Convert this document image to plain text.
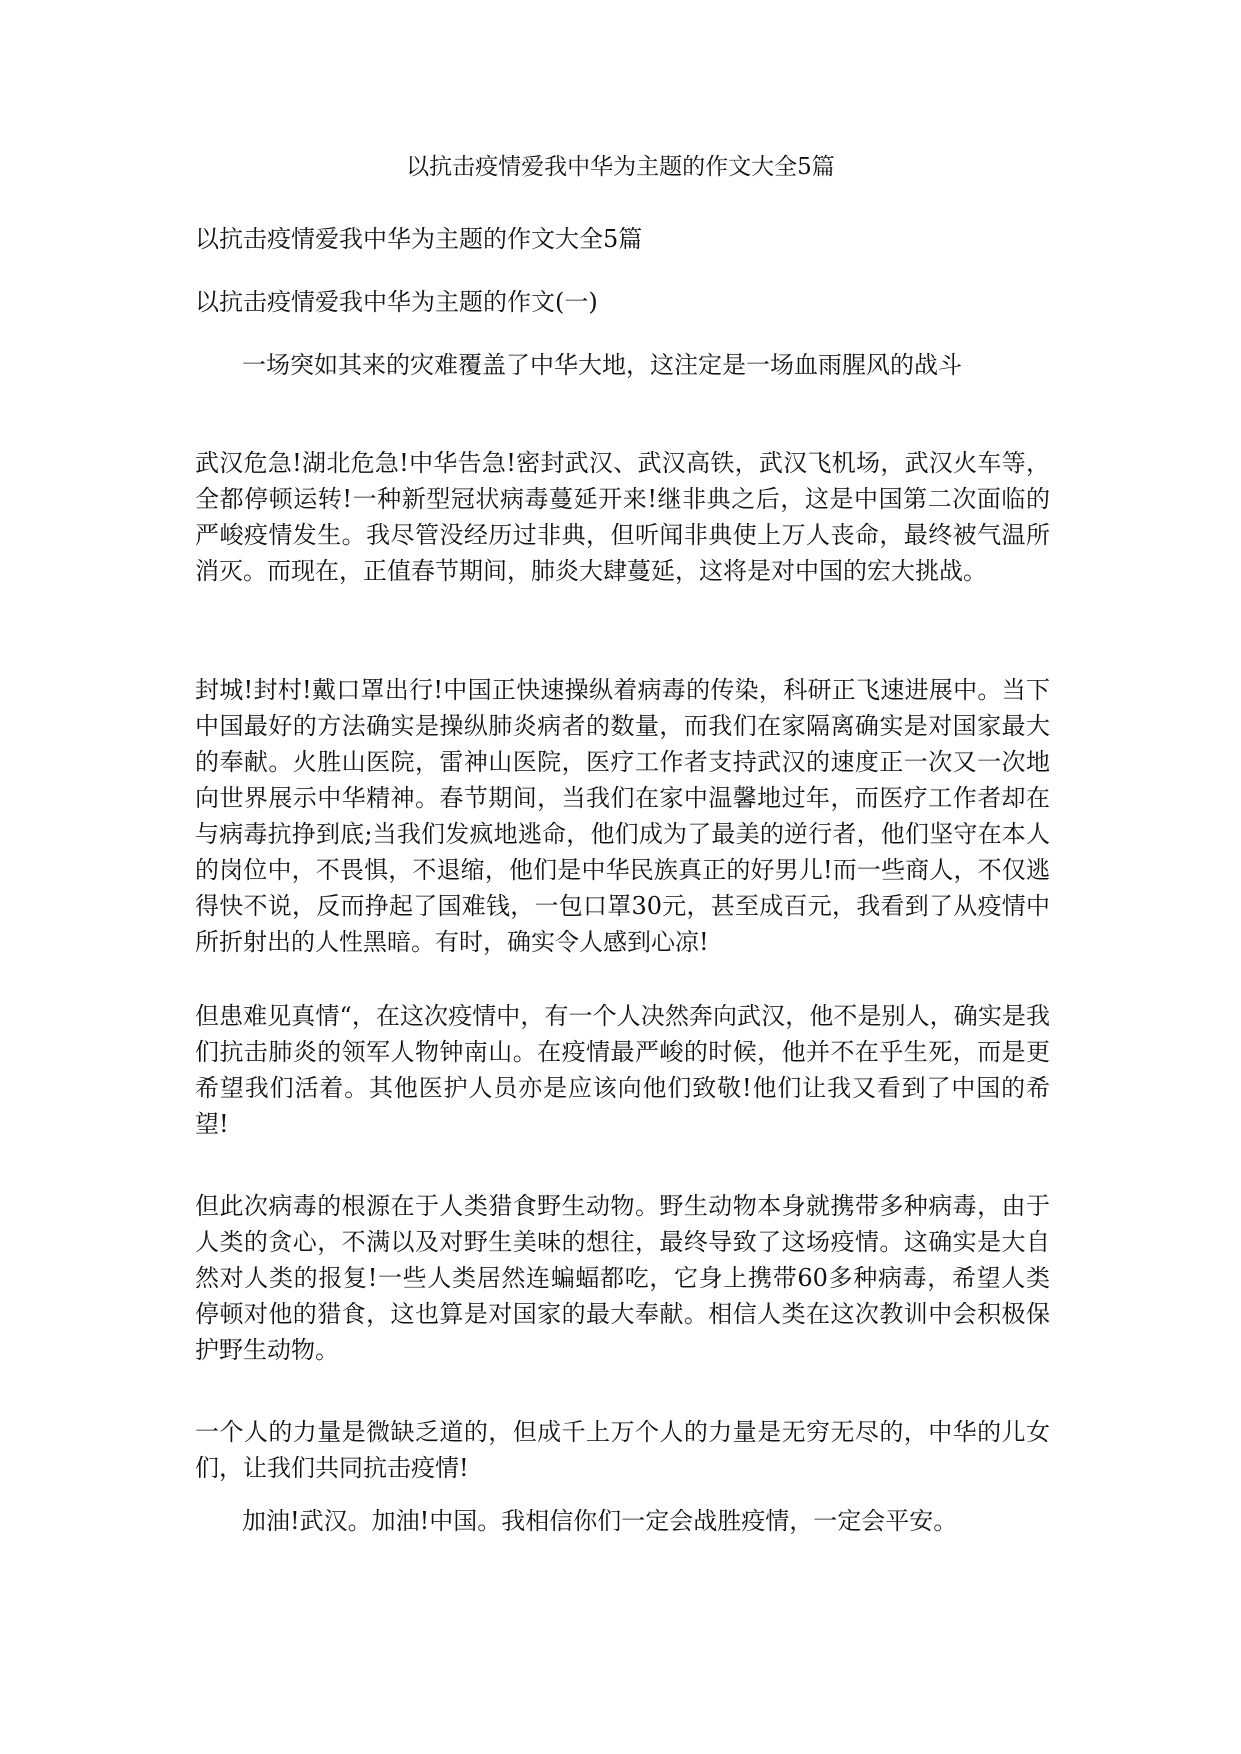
以抗击疫情爱我中华为主题的作文大全5篇
以抗击疫情爱我中华为主题的作文大全5篇
以抗击疫情爱我中华为主题的作文(一)
一场突如其来的灾难覆盖了中华大地，这注定是一场血雨腥风的战斗

武汉危急!湖北危急!中华告急!密封武汉、武汉高铁，武汉飞机场，武汉火车等，全都停顿运转!一种新型冠状病毒蔓延开来!继非典之后，这是中国第二次面临的严峻疫情发生。我尽管没经历过非典，但听闻非典使上万人丧命，最终被气温所消灭。而现在，正值春节期间，肺炎大肆蔓延，这将是对中国的宏大挑战。

封城!封村!戴口罩出行!中国正快速操纵着病毒的传染，科研正飞速进展中。当下中国最好的方法确实是操纵肺炎病者的数量，而我们在家隔离确实是对国家最大的奉献。火胜山医院，雷神山医院，医疗工作者支持武汉的速度正一次又一次地向世界展示中华精神。春节期间，当我们在家中温馨地过年，而医疗工作者却在与病毒抗挣到底;当我们发疯地逃命，他们成为了最美的逆行者，他们坚守在本人的岗位中，不畏惧，不退缩，他们是中华民族真正的好男儿!而一些商人，不仅逃得快不说，反而挣起了国难钱，一包口罩30元，甚至成百元，我看到了从疫情中所折射出的人性黑暗。有时，确实令人感到心凉!

但患难见真情“，在这次疫情中，有一个人决然奔向武汉，他不是别人，确实是我们抗击肺炎的领军人物钟南山。在疫情最严峻的时候，他并不在乎生死，而是更希望我们活着。其他医护人员亦是应该向他们致敬!他们让我又看到了中国的希望!

但此次病毒的根源在于人类猎食野生动物。野生动物本身就携带多种病毒，由于人类的贪心，不满以及对野生美味的想往，最终导致了这场疫情。这确实是大自然对人类的报复!一些人类居然连蝙蝠都吃，它身上携带60多种病毒，希望人类停顿对他的猎食，这也算是对国家的最大奉献。相信人类在这次教训中会积极保护野生动物。

一个人的力量是微缺乏道的，但成千上万个人的力量是无穷无尽的，中华的儿女们，让我们共同抗击疫情!

加油!武汉。加油!中国。我相信你们一定会战胜疫情，一定会平安。
